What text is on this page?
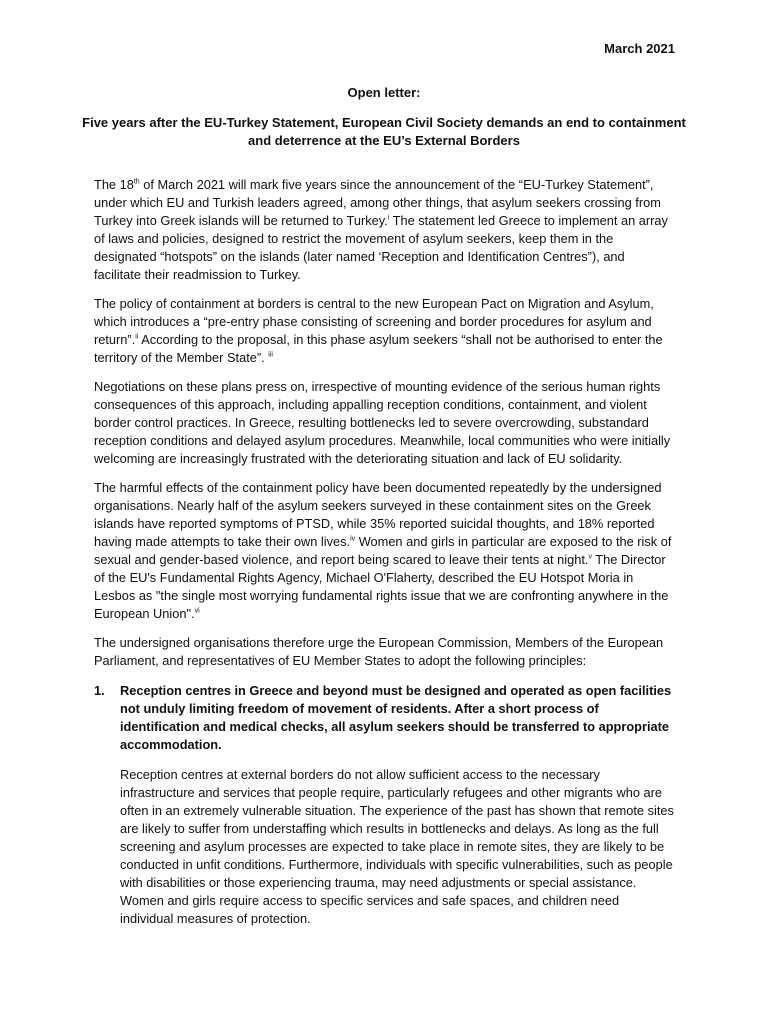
March 2021
Open letter:
Five years after the EU-Turkey Statement, European Civil Society demands an end to containment and deterrence at the EU’s External Borders

The 18th of March 2021 will mark five years since the announcement of the “EU-Turkey Statement”, under which EU and Turkish leaders agreed, among other things, that asylum seekers crossing from Turkey into Greek islands will be returned to Turkey.$^i$ The statement led Greece to implement an array of laws and policies, designed to restrict the movement of asylum seekers, keep them in the designated “hotspots” on the islands (later named ‘Reception and Identification Centres”), and facilitate their readmission to Turkey.

The policy of containment at borders is central to the new European Pact on Migration and Asylum, which introduces a “pre-entry phase consisting of screening and border procedures for asylum and return”.$^{ii}$ According to the proposal, in this phase asylum seekers “shall not be authorised to enter the territory of the Member State”. $^{iii}$

Negotiations on these plans press on, irrespective of mounting evidence of the serious human rights consequences of this approach, including appalling reception conditions, containment, and violent border control practices. In Greece, resulting bottlenecks led to severe overcrowding, substandard reception conditions and delayed asylum procedures. Meanwhile, local communities who were initially welcoming are increasingly frustrated with the deteriorating situation and lack of EU solidarity.

The harmful effects of the containment policy have been documented repeatedly by the undersigned organisations. Nearly half of the asylum seekers surveyed in these containment sites on the Greek islands have reported symptoms of PTSD, while 35% reported suicidal thoughts, and 18% reported having made attempts to take their own lives.$^{iv}$ Women and girls in particular are exposed to the risk of sexual and gender-based violence, and report being scared to leave their tents at night.$^v$ The Director of the EU's Fundamental Rights Agency, Michael O'Flaherty, described the EU Hotspot Moria in Lesbos as "the single most worrying fundamental rights issue that we are confronting anywhere in the European Union".$^{vi}$

The undersigned organisations therefore urge the European Commission, Members of the European Parliament, and representatives of EU Member States to adopt the following principles:

1.	Reception centres in Greece and beyond must be designed and operated as open facilities not unduly limiting freedom of movement of residents. After a short process of identification and medical checks, all asylum seekers should be transferred to appropriate accommodation.
Reception centres at external borders do not allow sufficient access to the necessary infrastructure and services that people require, particularly refugees and other migrants who are often in an extremely vulnerable situation. The experience of the past has shown that remote sites are likely to suffer from understaffing which results in bottlenecks and delays. As long as the full screening and asylum processes are expected to take place in remote sites, they are likely to be conducted in unfit conditions. Furthermore, individuals with specific vulnerabilities, such as people with disabilities or those experiencing trauma, may need adjustments or special assistance. Women and girls require access to specific services and safe spaces, and children need individual measures of protection.
